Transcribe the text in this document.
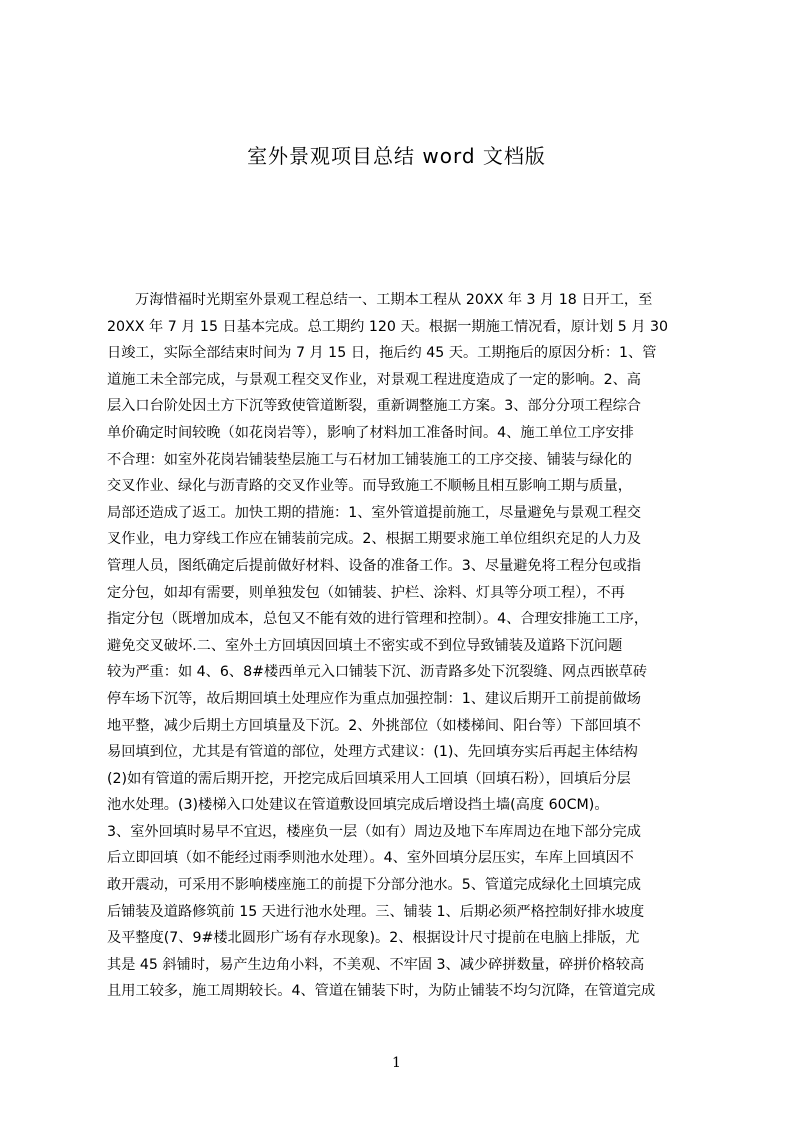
室外景观项目总结 word 文档版
万海惜福时光期室外景观工程总结一、工期本工程从 20XX 年 3 月 18 日开工，至
20XX 年 7 月 15 日基本完成。总工期约 120 天。根据一期施工情况看，原计划 5 月 30
日竣工，实际全部结束时间为 7 月 15 日，拖后约 45 天。工期拖后的原因分析：1、管
道施工未全部完成，与景观工程交叉作业，对景观工程进度造成了一定的影响。2、高
层入口台阶处因土方下沉等致使管道断裂，重新调整施工方案。3、部分分项工程综合
单价确定时间较晚（如花岗岩等），影响了材料加工准备时间。4、施工单位工序安排
不合理：如室外花岗岩铺装垫层施工与石材加工铺装施工的工序交接、铺装与绿化的
交叉作业、绿化与沥青路的交叉作业等。而导致施工不顺畅且相互影响工期与质量，
局部还造成了返工。加快工期的措施：1、室外管道提前施工，尽量避免与景观工程交
叉作业，电力穿线工作应在铺装前完成。2、根据工期要求施工单位组织充足的人力及
管理人员，图纸确定后提前做好材料、设备的准备工作。3、尽量避免将工程分包或指
定分包，如却有需要，则单独发包（如铺装、护栏、涂料、灯具等分项工程），不再
指定分包（既增加成本，总包又不能有效的进行管理和控制）。4、合理安排施工工序，
避免交叉破坏.二、室外土方回填因回填土不密实或不到位导致铺装及道路下沉问题
较为严重：如 4、6、8#楼西单元入口铺装下沉、沥青路多处下沉裂缝、网点西嵌草砖
停车场下沉等，故后期回填土处理应作为重点加强控制：1、建议后期开工前提前做场
地平整，减少后期土方回填量及下沉。2、外挑部位（如楼梯间、阳台等）下部回填不
易回填到位，尤其是有管道的部位，处理方式建议：(1)、先回填夯实后再起主体结构
(2)如有管道的需后期开挖，开挖完成后回填采用人工回填（回填石粉），回填后分层
池水处理。(3)楼梯入口处建议在管道敷设回填完成后增设挡土墙(高度 60CM)。
3、室外回填时易早不宜迟，楼座负一层（如有）周边及地下车库周边在地下部分完成
后立即回填（如不能经过雨季则池水处理）。4、室外回填分层压实，车库上回填因不
敢开震动，可采用不影响楼座施工的前提下分部分池水。5、管道完成绿化土回填完成
后铺装及道路修筑前 15 天进行池水处理。三、铺装 1、后期必须严格控制好排水坡度
及平整度(7、9#楼北圆形广场有存水现象)。2、根据设计尺寸提前在电脑上排版，尤
其是 45 斜铺时，易产生边角小料，不美观、不牢固 3、减少碎拼数量，碎拼价格较高
且用工较多，施工周期较长。4、管道在铺装下时，为防止铺装不均匀沉降，在管道完成
1
